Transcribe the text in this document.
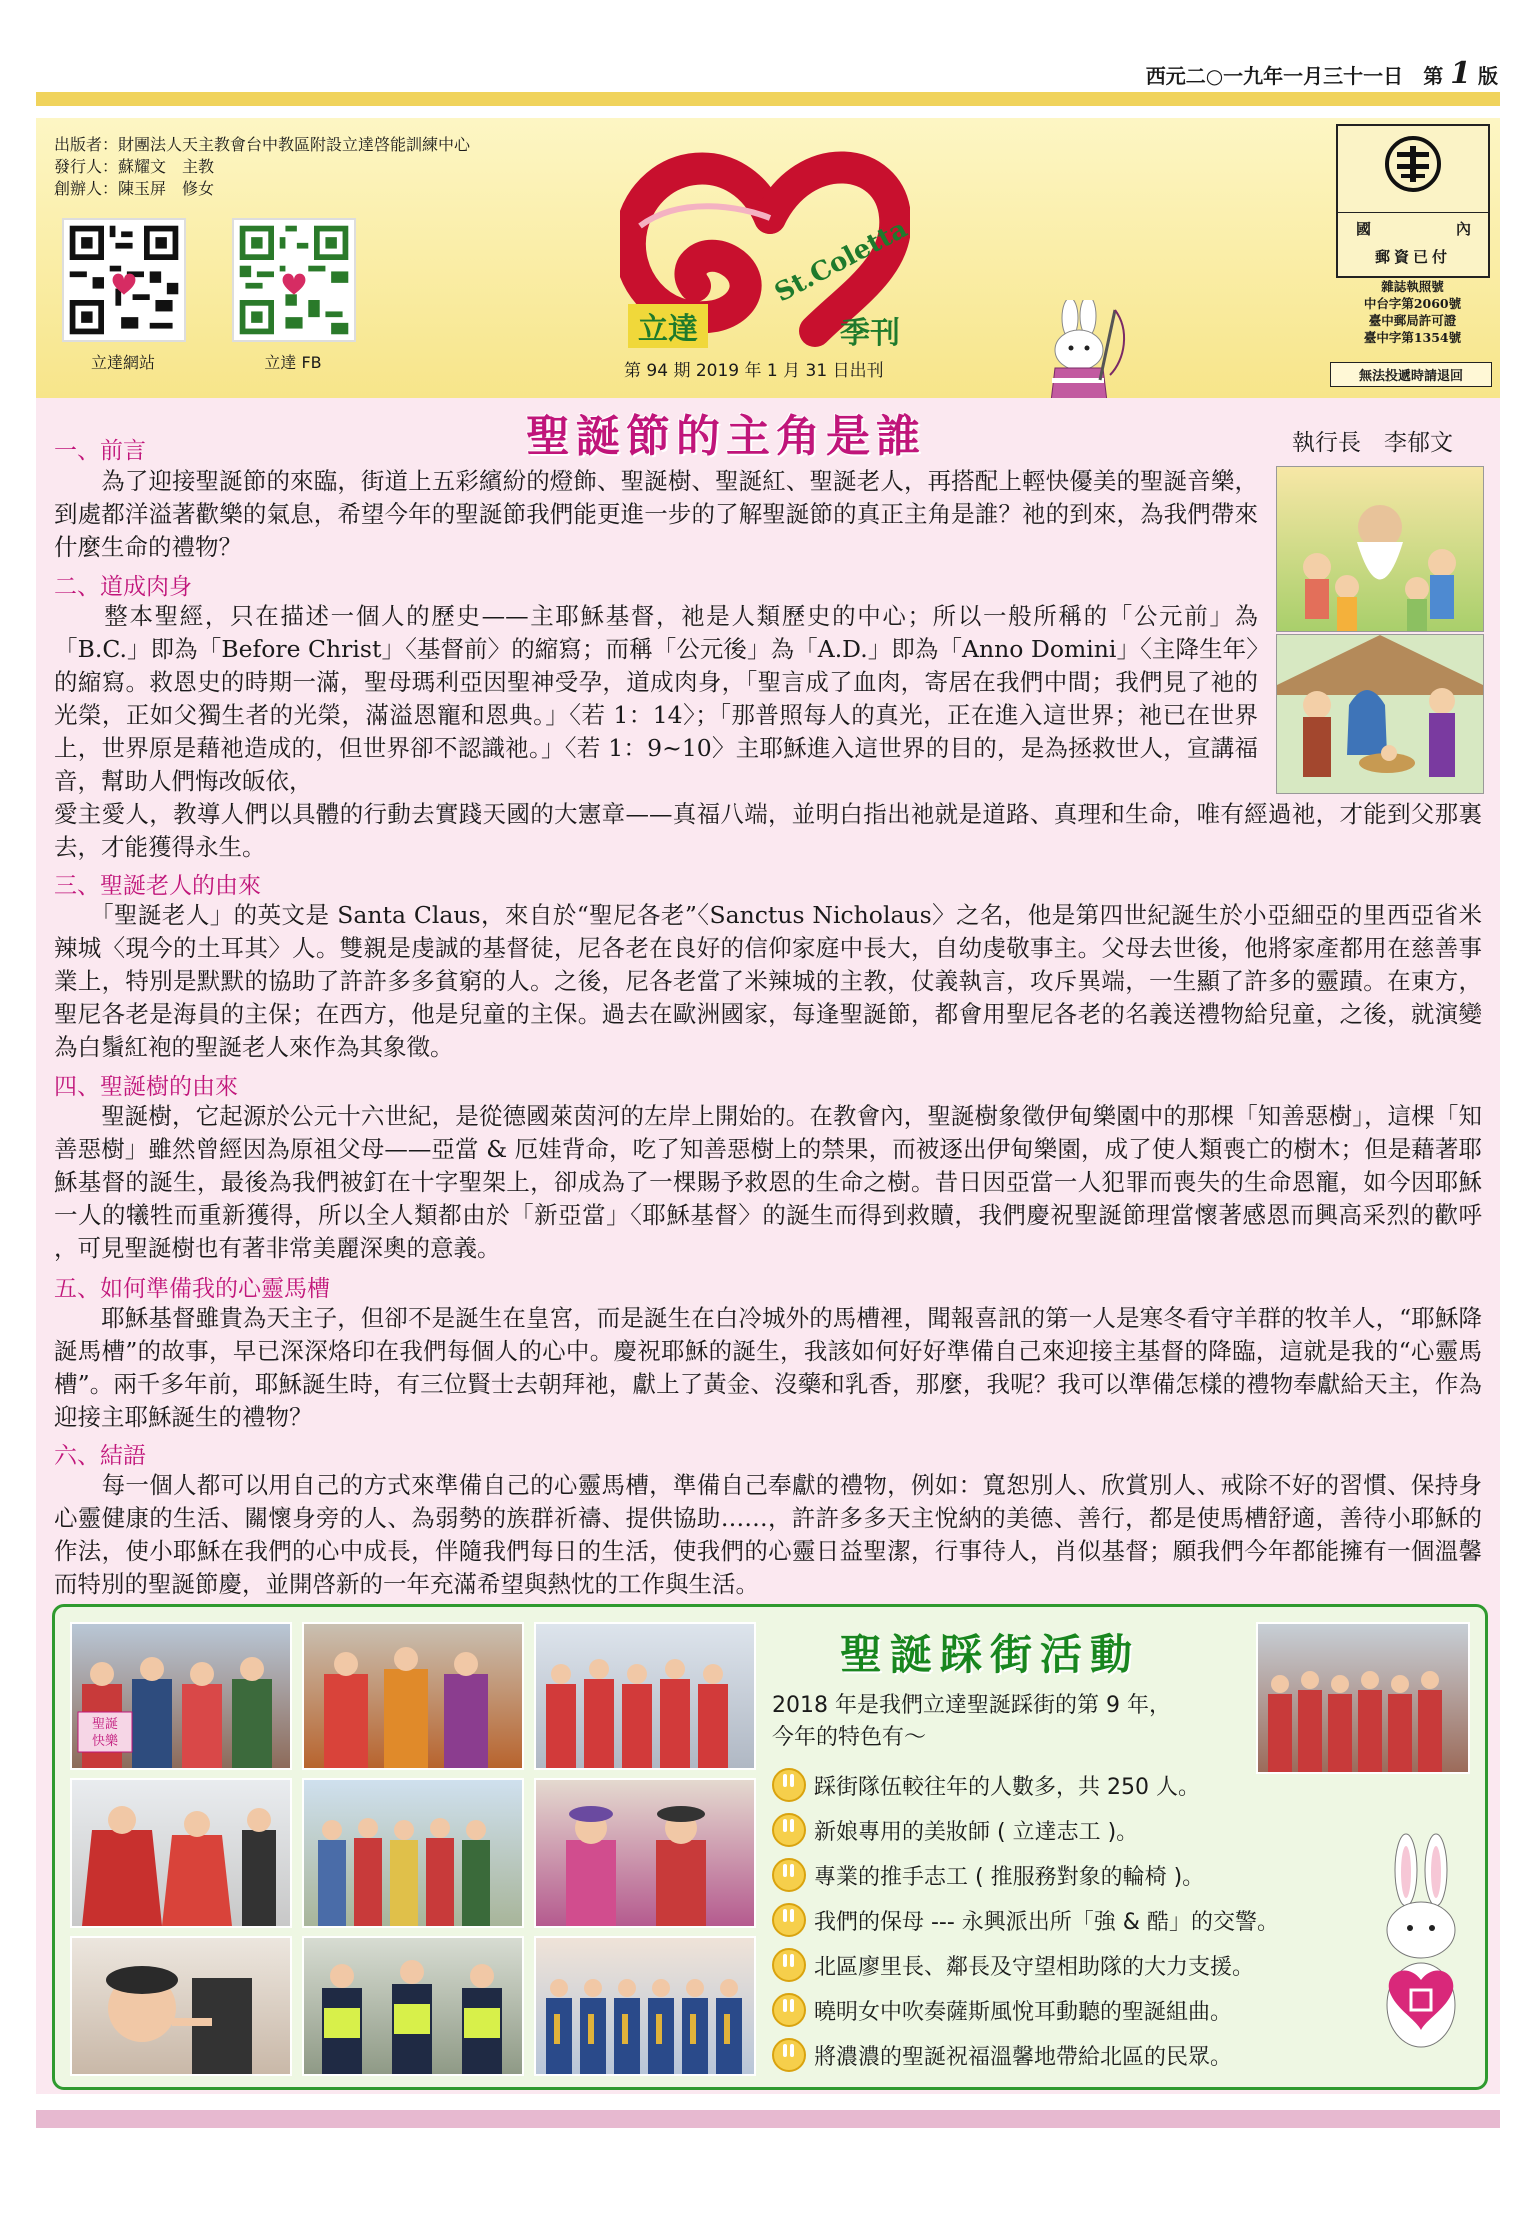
西元二○一九年一月三十一日　 第 1 版
出版者：財團法人天主教會台中教區附設立達啓能訓練中心
發行人：蘇耀文　主教
創辦人：陳玉屏　修女
立達網站	立達 FB
立達
St.Coletta
季刊
第 94 期 2019 年 1 月 31 日出刊
國	內
郵資已付
雜誌執照號
中台字第2060號
臺中郵局許可證
臺中字第1354號
無法投遞時請退回
聖誕節的主角是誰	執行長　李郁文
一、前言
　　為了迎接聖誕節的來臨，街道上五彩繽紛的燈飾、聖誕樹、聖誕紅、聖誕老人，再搭配上輕快優美的聖誕音樂，到處都洋溢著歡樂的氣息，希望今年的聖誕節我們能更進一步的了解聖誕節的真正主角是誰？祂的到來，為我們帶來什麼生命的禮物？
二、道成肉身
　　整本聖經，只在描述一個人的歷史——主耶穌基督，祂是人類歷史的中心；所以一般所稱的「公元前」為「B.C.」即為「Before Christ」〈基督前〉的縮寫；而稱「公元後」為「A.D.」即為「Anno Domini」〈主降生年〉的縮寫。救恩史的時期一滿，聖母瑪利亞因聖神受孕，道成肉身，「聖言成了血肉，寄居在我們中間；我們見了祂的光榮，正如父獨生者的光榮，滿溢恩寵和恩典。」〈若 1：14〉；「那普照每人的真光，正在進入這世界；祂已在世界上，世界原是藉祂造成的，但世界卻不認識祂。」〈若 1：9~10〉主耶穌進入這世界的目的，是為拯救世人，宣講福音，幫助人們悔改皈依，
愛主愛人，教導人們以具體的行動去實踐天國的大憲章——真福八端，並明白指出祂就是道路、真理和生命，唯有經過祂，才能到父那裏去，才能獲得永生。
三、聖誕老人的由來
　　「聖誕老人」的英文是 Santa Claus，來自於“聖尼各老”〈Sanctus Nicholaus〉之名，他是第四世紀誕生於小亞細亞的里西亞省米辣城〈現今的土耳其〉人。雙親是虔誠的基督徒，尼各老在良好的信仰家庭中長大，自幼虔敬事主。父母去世後，他將家產都用在慈善事業上，特別是默默的協助了許許多多貧窮的人。之後，尼各老當了米辣城的主教，仗義執言，攻斥異端，一生顯了許多的靈蹟。在東方，聖尼各老是海員的主保；在西方，他是兒童的主保。過去在歐洲國家，每逢聖誕節，都會用聖尼各老的名義送禮物給兒童，之後，就演變為白鬚紅袍的聖誕老人來作為其象徵。
四、聖誕樹的由來
　　聖誕樹，它起源於公元十六世紀，是從德國萊茵河的左岸上開始的。在教會內，聖誕樹象徵伊甸樂園中的那棵「知善惡樹」，這棵「知善惡樹」雖然曾經因為原祖父母——亞當 & 厄娃背命，吃了知善惡樹上的禁果，而被逐出伊甸樂園，成了使人類喪亡的樹木；但是藉著耶穌基督的誕生，最後為我們被釘在十字聖架上，卻成為了一棵賜予救恩的生命之樹。昔日因亞當一人犯罪而喪失的生命恩寵，如今因耶穌一人的犧牲而重新獲得，所以全人類都由於「新亞當」〈耶穌基督〉的誕生而得到救贖，我們慶祝聖誕節理當懷著感恩而興高采烈的歡呼 ，可見聖誕樹也有著非常美麗深奧的意義。
五、如何準備我的心靈馬槽
　　耶穌基督雖貴為天主子，但卻不是誕生在皇宮，而是誕生在白冷城外的馬槽裡，聞報喜訊的第一人是寒冬看守羊群的牧羊人，“耶穌降誕馬槽”的故事，早已深深烙印在我們每個人的心中。慶祝耶穌的誕生，我該如何好好準備自己來迎接主基督的降臨，這就是我的“心靈馬槽”。兩千多年前，耶穌誕生時，有三位賢士去朝拜祂，獻上了黃金、沒藥和乳香，那麼，我呢？我可以準備怎樣的禮物奉獻給天主，作為迎接主耶穌誕生的禮物？
六、結語
　　每一個人都可以用自己的方式來準備自己的心靈馬槽，準備自己奉獻的禮物，例如：寬恕別人、欣賞別人、戒除不好的習慣、保持身心靈健康的生活、關懷身旁的人、為弱勢的族群祈禱、提供協助……，許許多多天主悅納的美德、善行，都是使馬槽舒適，善待小耶穌的作法，使小耶穌在我們的心中成長，伴隨我們每日的生活，使我們的心靈日益聖潔，行事待人，肖似基督；願我們今年都能擁有一個溫馨而特別的聖誕節慶，並開啓新的一年充滿希望與熱忱的工作與生活。
聖誕
快樂
聖誕踩街活動
2018 年是我們立達聖誕踩街的第 9 年，
今年的特色有～
踩街隊伍較往年的人數多，共 250 人。
新娘專用的美妝師 ( 立達志工 )。
專業的推手志工 ( 推服務對象的輪椅 )。
我們的保母 --- 永興派出所「強 & 酷」的交警。
北區廖里長、鄰長及守望相助隊的大力支援。
曉明女中吹奏薩斯風悅耳動聽的聖誕組曲。
將濃濃的聖誕祝福溫馨地帶給北區的民眾。
